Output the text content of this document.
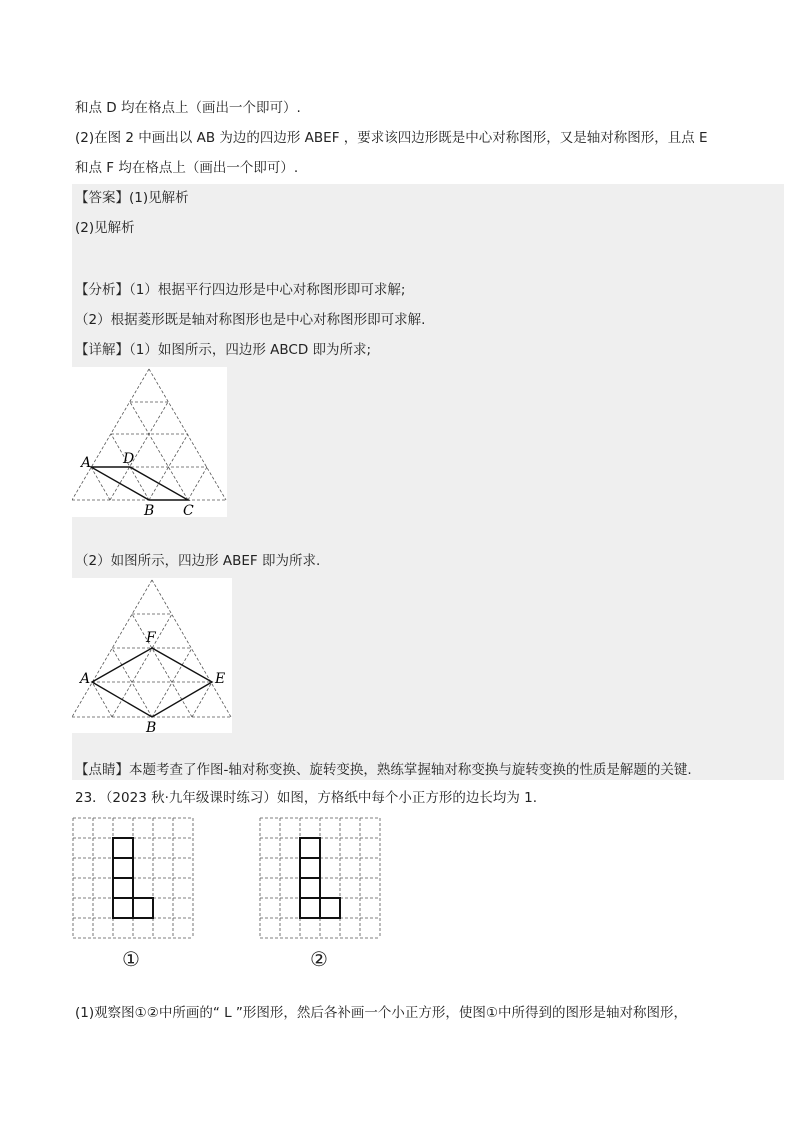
和点 D 均在格点上（画出一个即可）.
(2)在图 2 中画出以 AB 为边的四边形 ABEF ，要求该四边形既是中心对称图形，又是轴对称图形，且点 E
和点 F 均在格点上（画出一个即可）.
【答案】(1)见解析
(2)见解析
【分析】（1）根据平行四边形是中心对称图形即可求解;
（2）根据菱形既是轴对称图形也是中心对称图形即可求解.
【详解】（1）如图所示，四边形 ABCD 即为所求;
A D
B C
（2）如图所示，四边形 ABEF 即为所求.
F
A	E
B
【点睛】本题考查了作图-轴对称变换、旋转变换，熟练掌握轴对称变换与旋转变换的性质是解题的关键.
23．（2023 秋·九年级课时练习）如图，方格纸中每个小正方形的边长均为 1.
①	②
(1)观察图①②中所画的“ L ”形图形，然后各补画一个小正方形，使图①中所得到的图形是轴对称图形，
